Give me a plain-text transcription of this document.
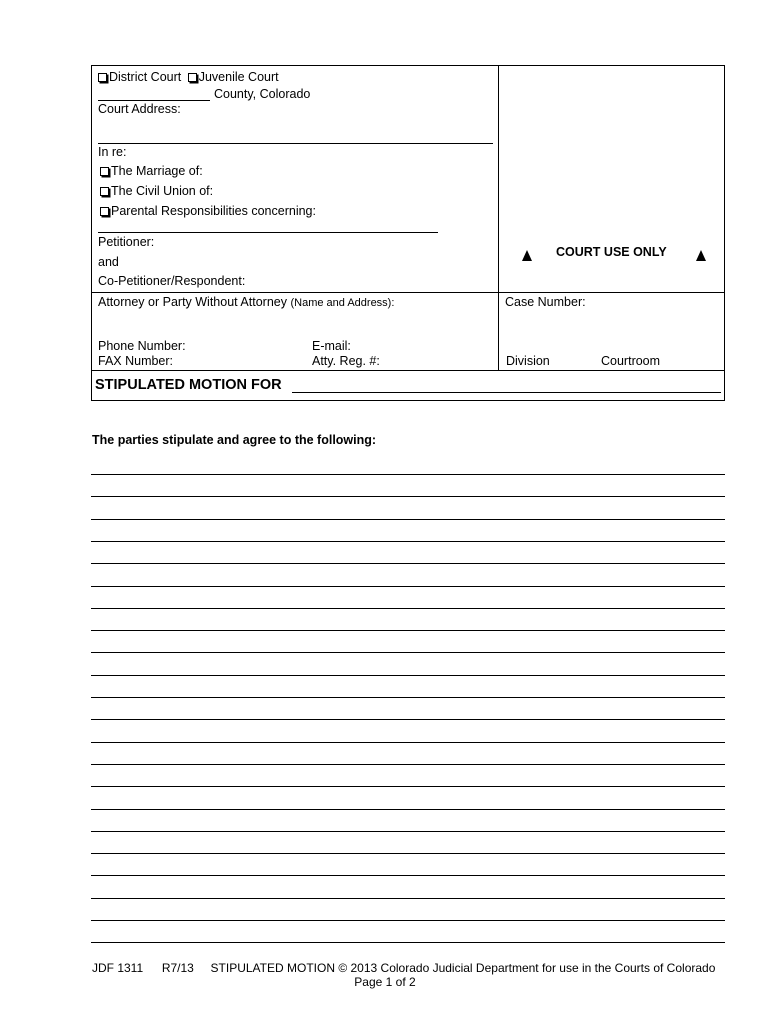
District Court Juvenile Court
County, Colorado
Court Address:
In re:
The Marriage of:
The Civil Union of:
Parental Responsibilities concerning:
Petitioner:
and
Co-Petitioner/Respondent:
COURT USE ONLY
Attorney or Party Without Attorney (Name and Address):	Case Number:
Phone Number:	E-mail:
FAX Number:	Atty. Reg. #:	Division	Courtroom
STIPULATED MOTION FOR
The parties stipulate and agree to the following:
JDF 1311 R7/13 STIPULATED MOTION © 2013 Colorado Judicial Department for use in the Courts of Colorado
Page 1 of 2
